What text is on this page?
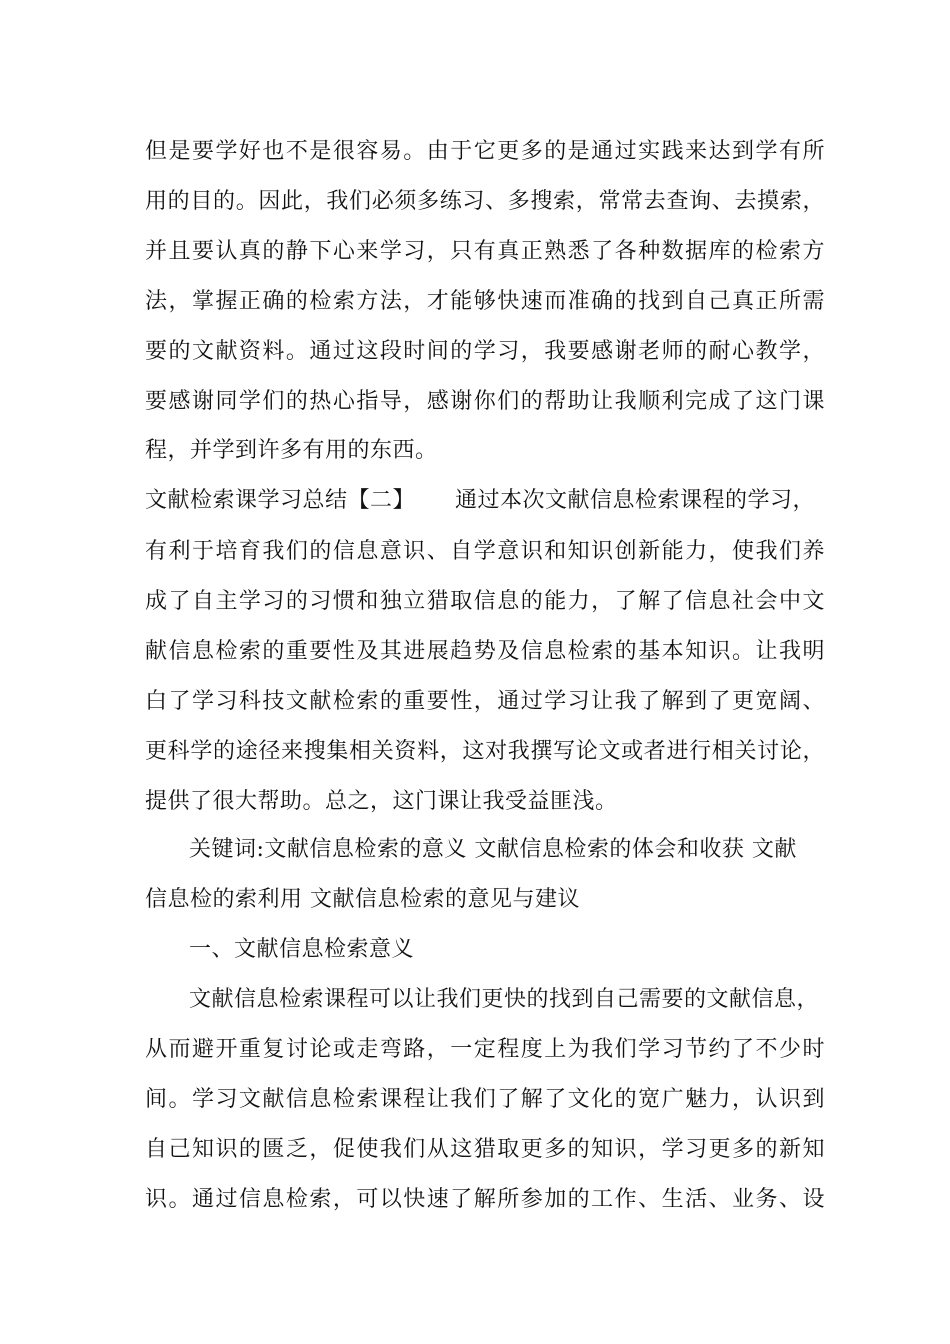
但是要学好也不是很容易。由于它更多的是通过实践来达到学有所
用的目的。因此，我们必须多练习、多搜索，常常去查询、去摸索，
并且要认真的静下心来学习，只有真正熟悉了各种数据库的检索方
法，掌握正确的检索方法，才能够快速而准确的找到自己真正所需
要的文献资料。通过这段时间的学习，我要感谢老师的耐心教学，
要感谢同学们的热心指导，感谢你们的帮助让我顺利完成了这门课
程，并学到许多有用的东西。
文献检索课学习总结【二】 通过本次文献信息检索课程的学习，
有利于培育我们的信息意识、自学意识和知识创新能力，使我们养
成了自主学习的习惯和独立猎取信息的能力，了解了信息社会中文
献信息检索的重要性及其进展趋势及信息检索的基本知识。让我明
白了学习科技文献检索的重要性，通过学习让我了解到了更宽阔、
更科学的途径来搜集相关资料，这对我撰写论文或者进行相关讨论，
提供了很大帮助。总之，这门课让我受益匪浅。
关键词:文献信息检索的意义 文献信息检索的体会和收获 文献
信息检的索利用 文献信息检索的意见与建议
一、文献信息检索意义
文献信息检索课程可以让我们更快的找到自己需要的文献信息，
从而避开重复讨论或走弯路，一定程度上为我们学习节约了不少时
间。学习文献信息检索课程让我们了解了文化的宽广魅力，认识到
自己知识的匮乏，促使我们从这猎取更多的知识，学习更多的新知
识。通过信息检索，可以快速了解所参加的工作、生活、业务、设
